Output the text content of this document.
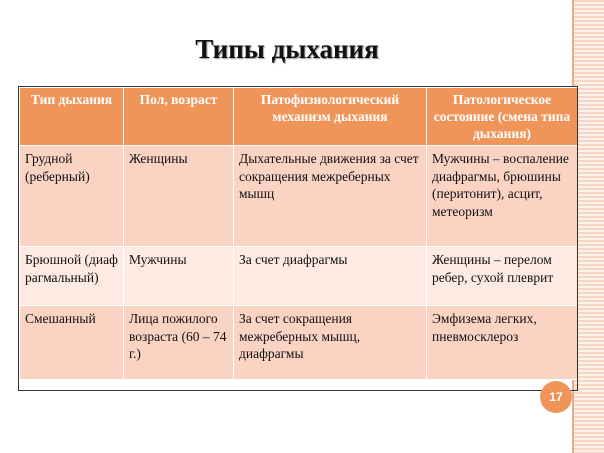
Типы дыхания
Тип дыхания	Пол, возраст	Патофизиологический механизм дыхания	Патологическое состояние (смена типа дыхания)
Грудной (реберный)	Женщины	Дыхательные движения за счет сокращения межреберных мышц	Мужчины – воспаление диафрагмы, брюшины (перитонит), асцит, метеоризм
Брюшной (диафрагмальный)	Мужчины	За счет диафрагмы	Женщины – перелом ребер, сухой плеврит
Смешанный	Лица пожилого возраста (60 – 74 г.)	За счет сокращения межреберных мышц, диафрагмы	Эмфизема легких, пневмосклероз
17
